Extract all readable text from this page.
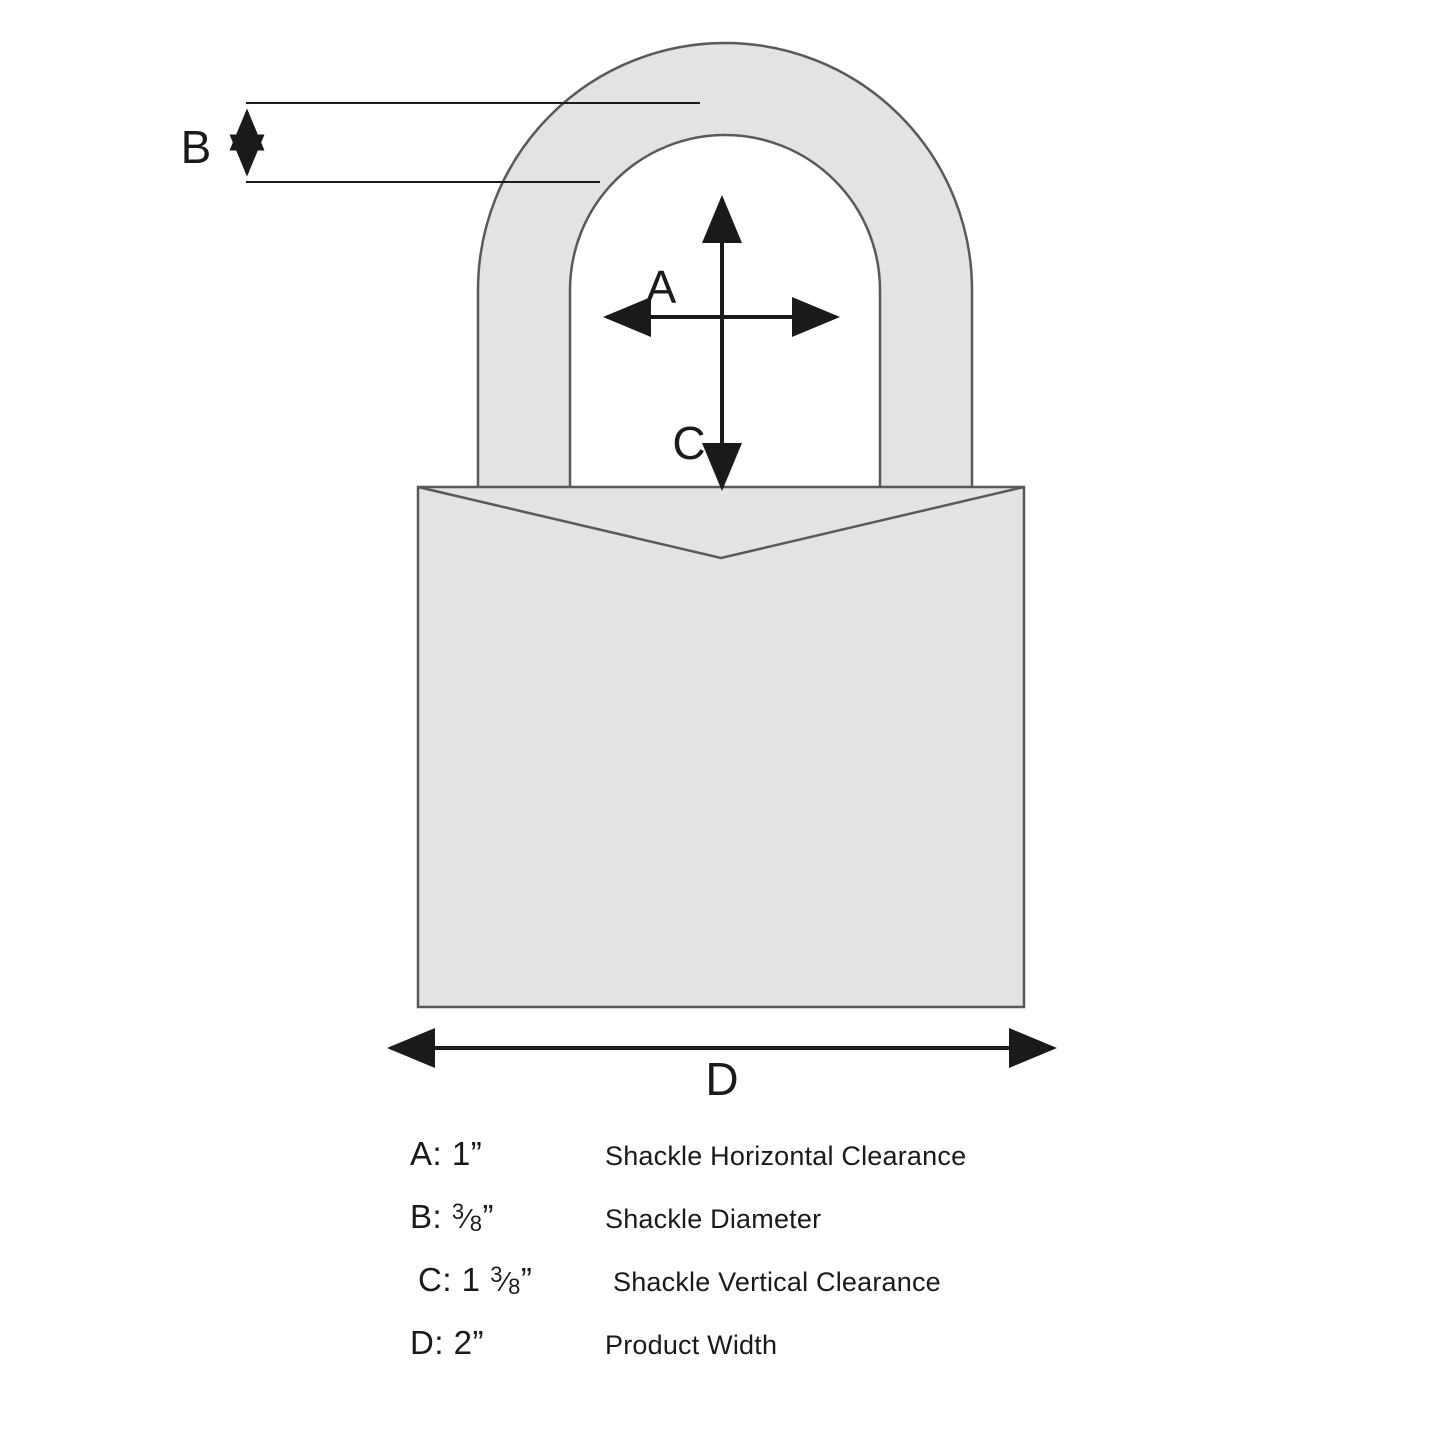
B
A
C
D
A: 1”	Shackle Horizontal Clearance
B: $^3$⁄8”	Shackle Diameter
C: 1 $^3$⁄8”	Shackle Vertical Clearance
D: 2”	Product Width
